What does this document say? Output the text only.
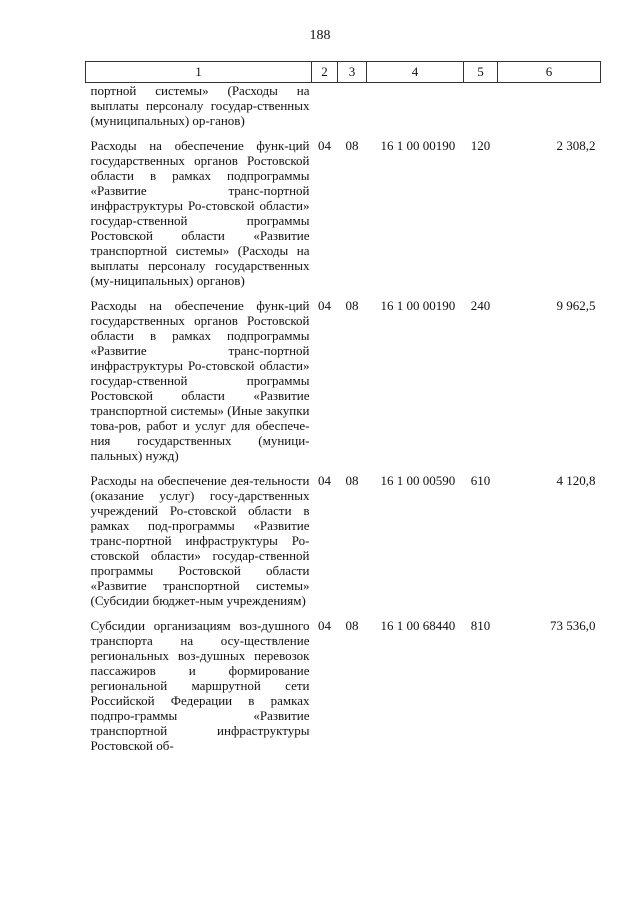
188
1	2	3	4	5	6
портной системы» (Расходы на выплаты персоналу государ-ственных (муниципальных) ор-ганов)					

Расходы на обеспечение функ-ций государственных органов Ростовской области в рамках подпрограммы «Развитие транс-портной инфраструктуры Ро-стовской области» государ-ственной программы Ростовской области «Развитие транспортной системы» (Расходы на выплаты персоналу государственных (му-ниципальных) органов)	04	08	16 1 00 00190	120	2 308,2

Расходы на обеспечение функ-ций государственных органов Ростовской области в рамках подпрограммы «Развитие транс-портной инфраструктуры Ро-стовской области» государ-ственной программы Ростовской области «Развитие транспортной системы» (Иные закупки това-ров, работ и услуг для обеспече-ния государственных (муници-пальных) нужд)	04	08	16 1 00 00190	240	9 962,5

Расходы на обеспечение дея-тельности (оказание услуг) госу-дарственных учреждений Ро-стовской области в рамках под-программы «Развитие транс-портной инфраструктуры Ро-стовской области» государ-ственной программы Ростовской области «Развитие транспортной системы» (Субсидии бюджет-ным учреждениям)	04	08	16 1 00 00590	610	4 120,8

Субсидии организациям воз-душного транспорта на осу-ществление региональных воз-душных перевозок пассажиров и формирование региональной маршрутной сети Российской Федерации в рамках подпро-граммы «Развитие транспортной инфраструктуры Ростовской об-	04	08	16 1 00 68440	810	73 536,0
